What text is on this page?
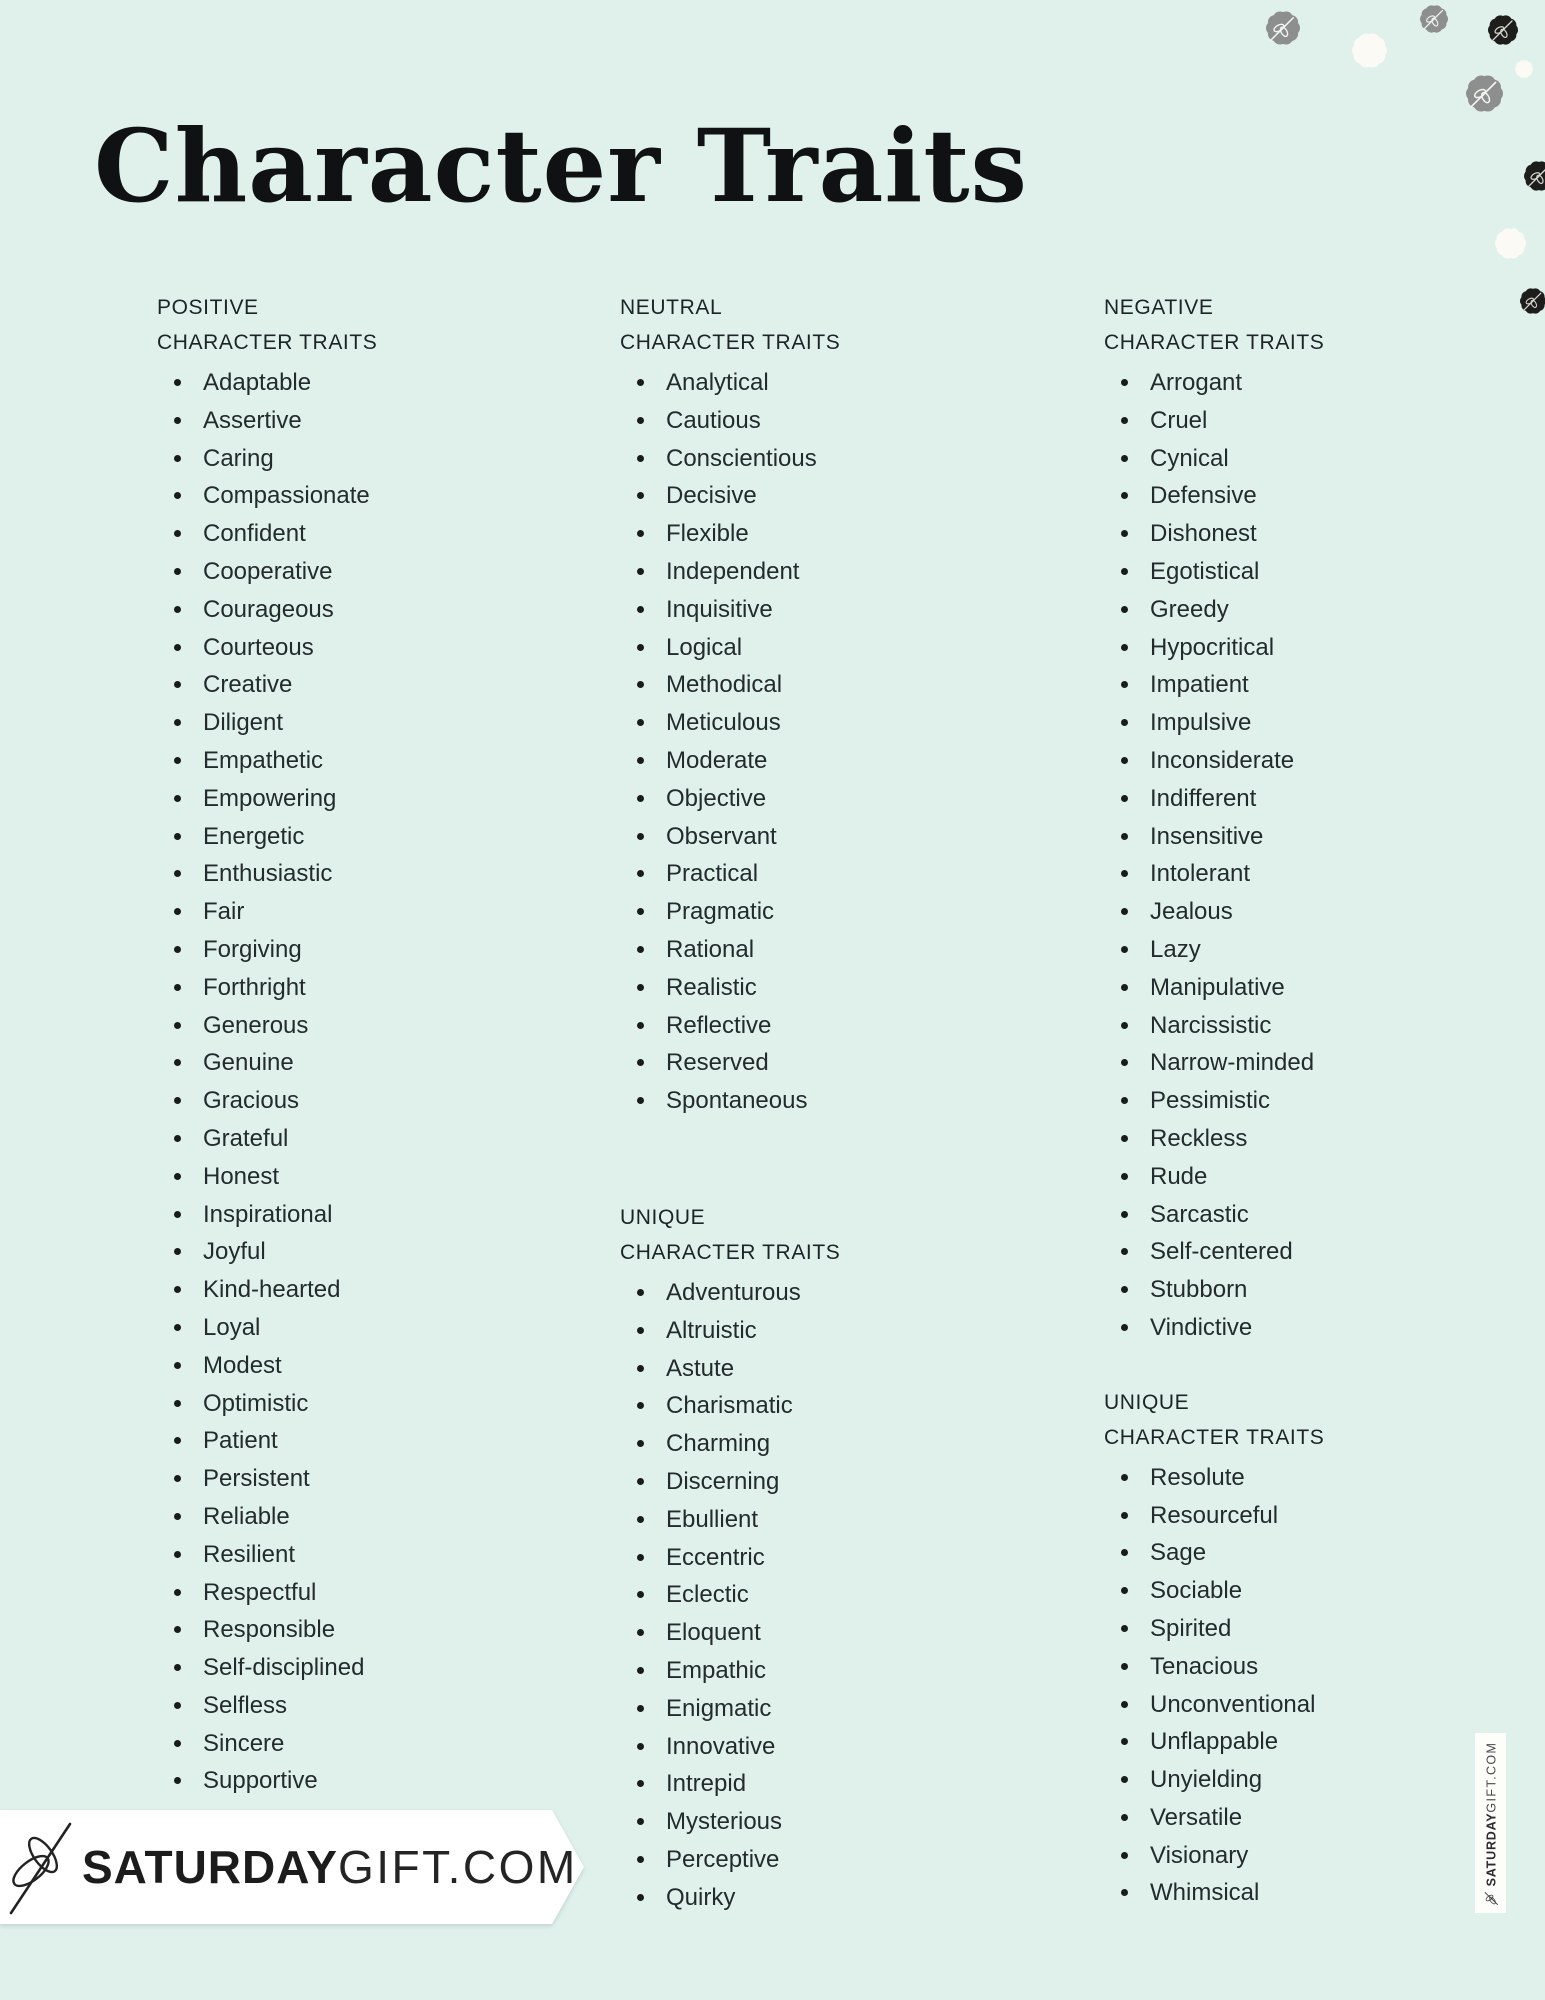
Character Traits
POSITIVE
CHARACTER TRAITS
Adaptable
Assertive
Caring
Compassionate
Confident
Cooperative
Courageous
Courteous
Creative
Diligent
Empathetic
Empowering
Energetic
Enthusiastic
Fair
Forgiving
Forthright
Generous
Genuine
Gracious
Grateful
Honest
Inspirational
Joyful
Kind-hearted
Loyal
Modest
Optimistic
Patient
Persistent
Reliable
Resilient
Respectful
Responsible
Self-disciplined
Selfless
Sincere
Supportive
NEUTRAL
CHARACTER TRAITS
Analytical
Cautious
Conscientious
Decisive
Flexible
Independent
Inquisitive
Logical
Methodical
Meticulous
Moderate
Objective
Observant
Practical
Pragmatic
Rational
Realistic
Reflective
Reserved
Spontaneous
UNIQUE
CHARACTER TRAITS
Adventurous
Altruistic
Astute
Charismatic
Charming
Discerning
Ebullient
Eccentric
Eclectic
Eloquent
Empathic
Enigmatic
Innovative
Intrepid
Mysterious
Perceptive
Quirky
NEGATIVE
CHARACTER TRAITS
Arrogant
Cruel
Cynical
Defensive
Dishonest
Egotistical
Greedy
Hypocritical
Impatient
Impulsive
Inconsiderate
Indifferent
Insensitive
Intolerant
Jealous
Lazy
Manipulative
Narcissistic
Narrow-minded
Pessimistic
Reckless
Rude
Sarcastic
Self-centered
Stubborn
Vindictive
UNIQUE
CHARACTER TRAITS
Resolute
Resourceful
Sage
Sociable
Spirited
Tenacious
Unconventional
Unflappable
Unyielding
Versatile
Visionary
Whimsical
SATURDAYGIFT.COM	SATURDAYGIFT.COM
